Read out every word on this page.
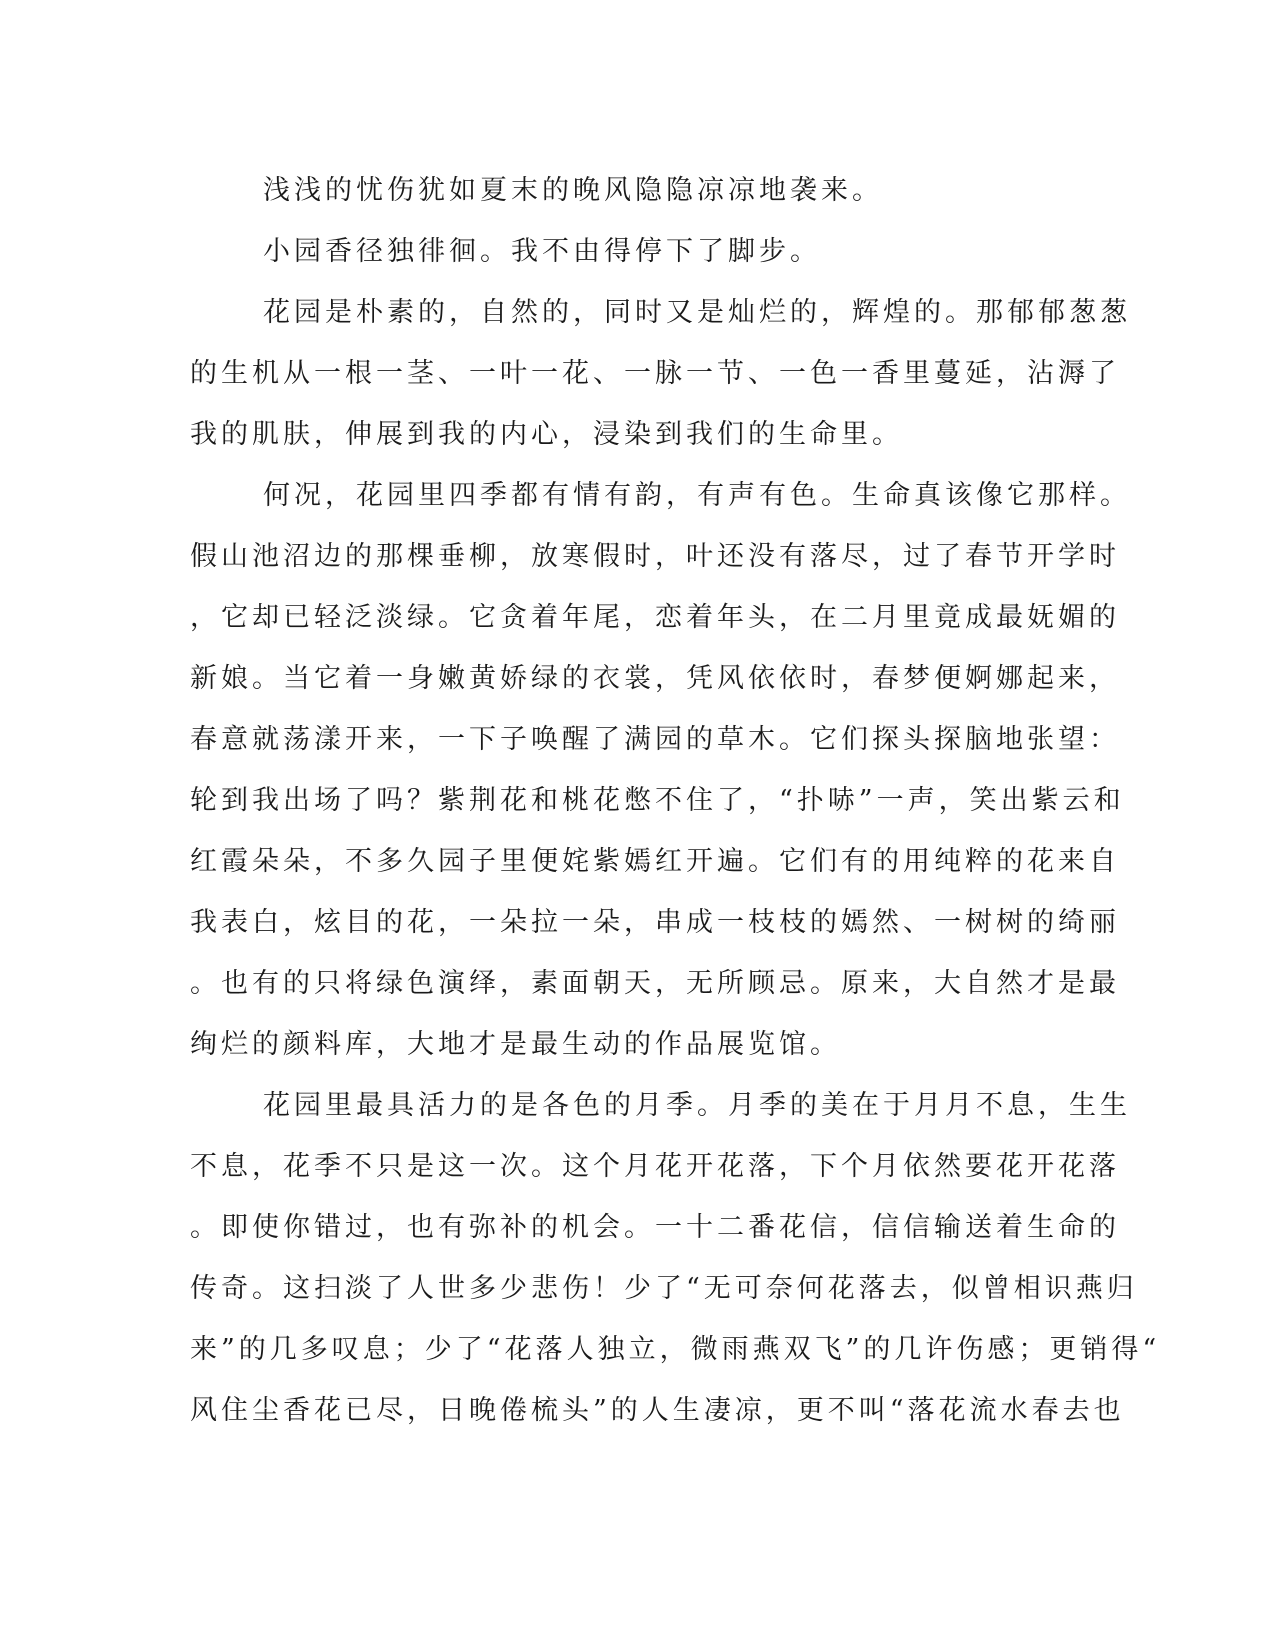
浅浅的忧伤犹如夏末的晚风隐隐凉凉地袭来。
小园香径独徘徊。我不由得停下了脚步。
花园是朴素的，自然的，同时又是灿烂的，辉煌的。那郁郁葱葱
的生机从一根一茎、一叶一花、一脉一节、一色一香里蔓延，沾溽了
我的肌肤，伸展到我的内心，浸染到我们的生命里。
何况，花园里四季都有情有韵，有声有色。生命真该像它那样。
假山池沼边的那棵垂柳，放寒假时，叶还没有落尽，过了春节开学时
，它却已轻泛淡绿。它贪着年尾，恋着年头，在二月里竟成最妩媚的
新娘。当它着一身嫩黄娇绿的衣裳，凭风依依时，春梦便婀娜起来，
春意就荡漾开来，一下子唤醒了满园的草木。它们探头探脑地张望：
轮到我出场了吗？紫荆花和桃花憋不住了，“扑哧”一声，笑出紫云和
红霞朵朵，不多久园子里便姹紫嫣红开遍。它们有的用纯粹的花来自
我表白，炫目的花，一朵拉一朵，串成一枝枝的嫣然、一树树的绮丽
。也有的只将绿色演绎，素面朝天，无所顾忌。原来，大自然才是最
绚烂的颜料库，大地才是最生动的作品展览馆。
花园里最具活力的是各色的月季。月季的美在于月月不息，生生
不息，花季不只是这一次。这个月花开花落，下个月依然要花开花落
。即使你错过，也有弥补的机会。一十二番花信，信信输送着生命的
传奇。这扫淡了人世多少悲伤！少了“无可奈何花落去，似曾相识燕归
来”的几多叹息；少了“花落人独立，微雨燕双飞”的几许伤感；更销得“
风住尘香花已尽，日晚倦梳头”的人生凄凉，更不叫“落花流水春去也
